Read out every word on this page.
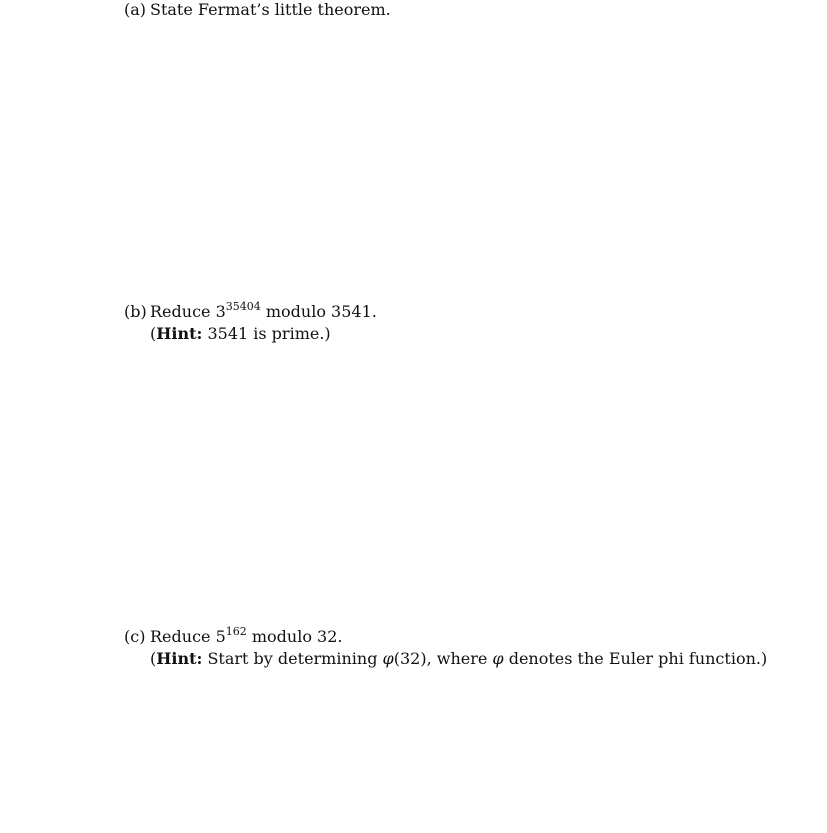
(a) State Fermat’s little theorem.
(b) Reduce $3^{35404}$ modulo 3541.
(Hint: 3541 is prime.)
(c) Reduce $5^{162}$ modulo 32.
(Hint: Start by determining φ(32), where φ denotes the Euler phi function.)
